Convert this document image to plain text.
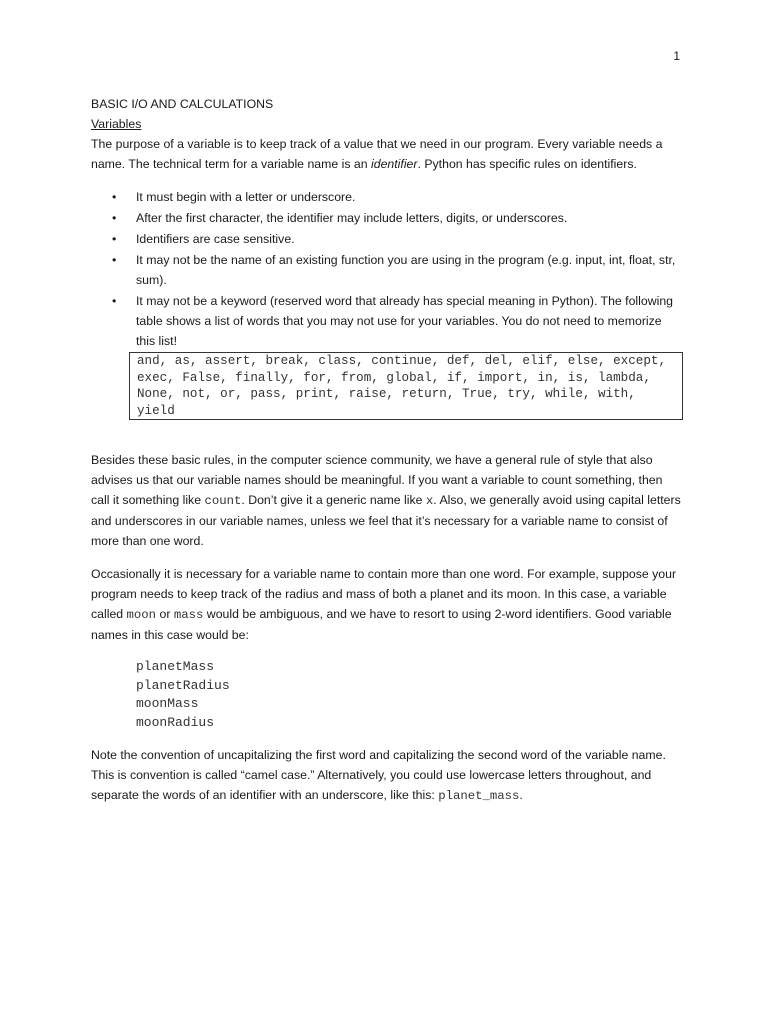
1

BASIC I/O AND CALCULATIONS

Variables

The purpose of a variable is to keep track of a value that we need in our program. Every variable needs a name. The technical term for a variable name is an identifier. Python has specific rules on identifiers.

• It must begin with a letter or underscore.
• After the first character, the identifier may include letters, digits, or underscores.
• Identifiers are case sensitive.
• It may not be the name of an existing function you are using in the program (e.g. input, int, float, str, sum).
• It may not be a keyword (reserved word that already has special meaning in Python). The following table shows a list of words that you may not use for your variables. You do not need to memorize this list!
and, as, assert, break, class, continue, def, del, elif, else, except, exec, False, finally, for, from, global, if, import, in, is, lambda, None, not, or, pass, print, raise, return, True, try, while, with, yield

Besides these basic rules, in the computer science community, we have a general rule of style that also advises us that our variable names should be meaningful. If you want a variable to count something, then call it something like count. Don’t give it a generic name like x. Also, we generally avoid using capital letters and underscores in our variable names, unless we feel that it’s necessary for a variable name to consist of more than one word.

Occasionally it is necessary for a variable name to contain more than one word. For example, suppose your program needs to keep track of the radius and mass of both a planet and its moon. In this case, a variable called moon or mass would be ambiguous, and we have to resort to using 2-word identifiers. Good variable names in this case would be:

planetMass
planetRadius
moonMass
moonRadius

Note the convention of uncapitalizing the first word and capitalizing the second word of the variable name. This is convention is called “camel case.” Alternatively, you could use lowercase letters throughout, and separate the words of an identifier with an underscore, like this: planet_mass.
